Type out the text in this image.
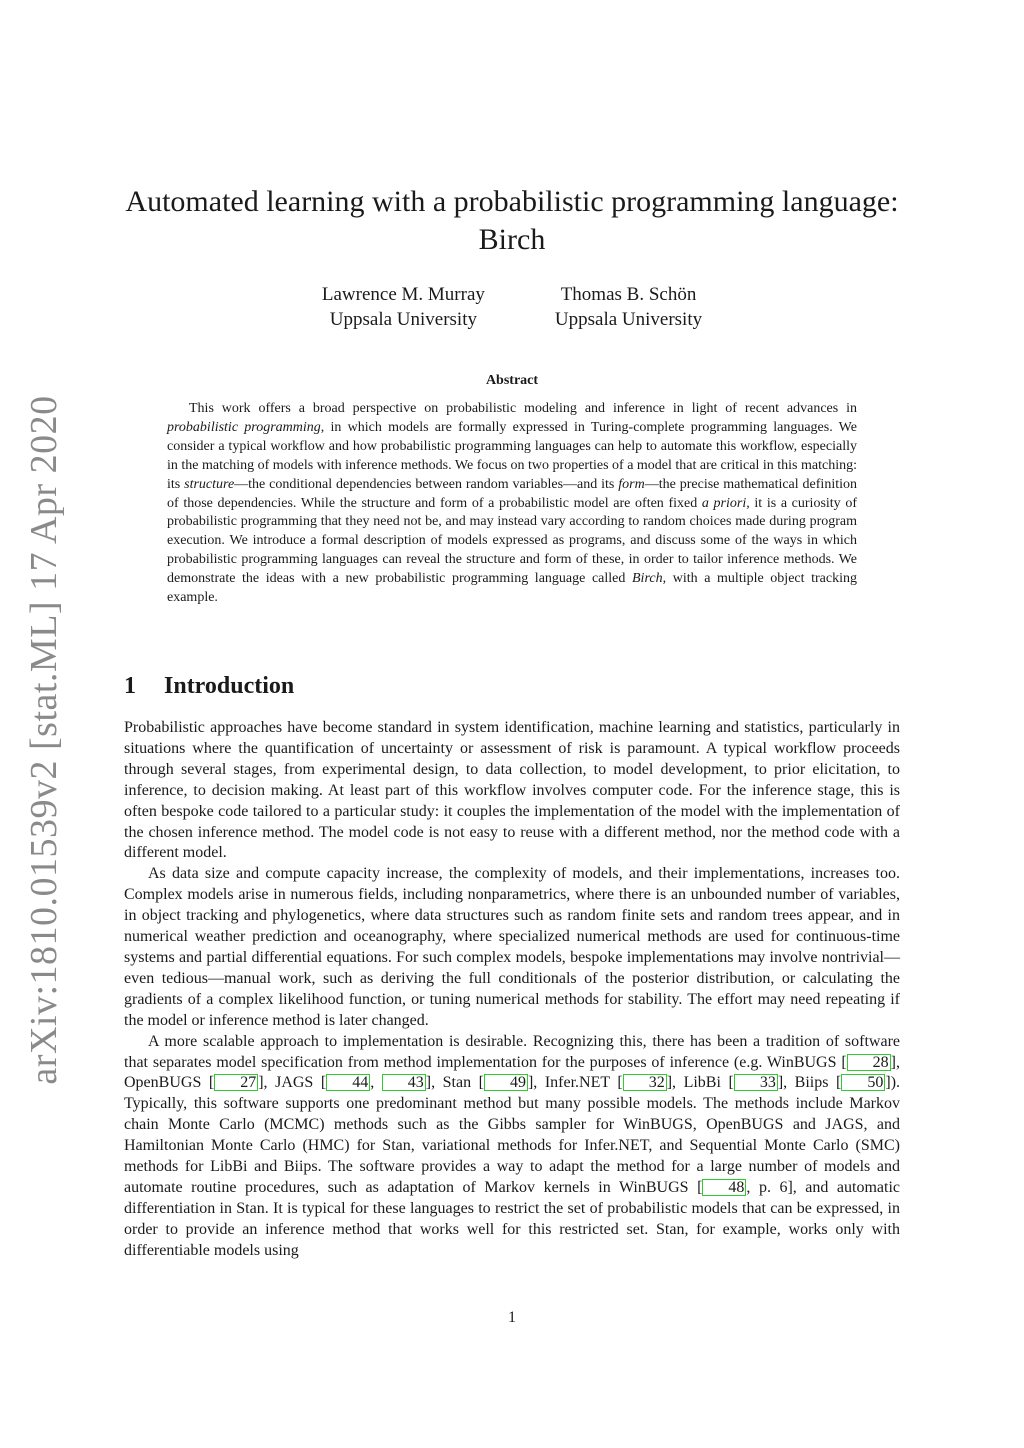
arXiv:1810.01539v2 [stat.ML] 17 Apr 2020
Automated learning with a probabilistic programming language:
Birch
Lawrence M. Murray
Uppsala University
Thomas B. Schön
Uppsala University
Abstract

This work offers a broad perspective on probabilistic modeling and inference in light of recent advances in probabilistic programming, in which models are formally expressed in Turing-complete programming languages. We consider a typical workflow and how probabilistic programming languages can help to automate this workflow, especially in the matching of models with inference methods. We focus on two properties of a model that are critical in this matching: its structure—the conditional dependencies between random variables—and its form—the precise mathematical definition of those dependencies. While the structure and form of a probabilistic model are often fixed a priori, it is a curiosity of probabilistic programming that they need not be, and may instead vary according to random choices made during program execution. We introduce a formal description of models expressed as programs, and discuss some of the ways in which probabilistic programming languages can reveal the structure and form of these, in order to tailor inference methods. We demonstrate the ideas with a new probabilistic programming language called Birch, with a multiple object tracking example.

1 Introduction

Probabilistic approaches have become standard in system identification, machine learning and statistics, particularly in situations where the quantification of uncertainty or assessment of risk is paramount. A typical workflow proceeds through several stages, from experimental design, to data collection, to model development, to prior elicitation, to inference, to decision making. At least part of this workflow involves computer code. For the inference stage, this is often bespoke code tailored to a particular study: it couples the implementation of the model with the implementation of the chosen inference method. The model code is not easy to reuse with a different method, nor the method code with a different model.

As data size and compute capacity increase, the complexity of models, and their implementations, increases too. Complex models arise in numerous fields, including nonparametrics, where there is an unbounded number of variables, in object tracking and phylogenetics, where data structures such as random finite sets and random trees appear, and in numerical weather prediction and oceanography, where specialized numerical methods are used for continuous-time systems and partial differential equations. For such complex models, bespoke implementations may involve nontrivial—even tedious—manual work, such as deriving the full conditionals of the posterior distribution, or calculating the gradients of a complex likelihood function, or tuning numerical methods for stability. The effort may need repeating if the model or inference method is later changed.

A more scalable approach to implementation is desirable. Recognizing this, there has been a tradition of software that separates model specification from method implementation for the purposes of inference (e.g. WinBUGS [ 28 ], OpenBUGS [ 27 ], JAGS [ 44 , 43 ], Stan [ 49 ], Infer.NET [ 32 ], LibBi [ 33 ], Biips [ 50 ]). Typically, this software supports one predominant method but many possible models. The methods include Markov chain Monte Carlo (MCMC) methods such as the Gibbs sampler for WinBUGS, OpenBUGS and JAGS, and Hamiltonian Monte Carlo (HMC) for Stan, variational methods for Infer.NET, and Sequential Monte Carlo (SMC) methods for LibBi and Biips. The software provides a way to adapt the method for a large number of models and automate routine procedures, such as adaptation of Markov kernels in WinBUGS [ 48 , p. 6], and automatic differentiation in Stan. It is typical for these languages to restrict the set of probabilistic models that can be expressed, in order to provide an inference method that works well for this restricted set. Stan, for example, works only with differentiable models using

1
